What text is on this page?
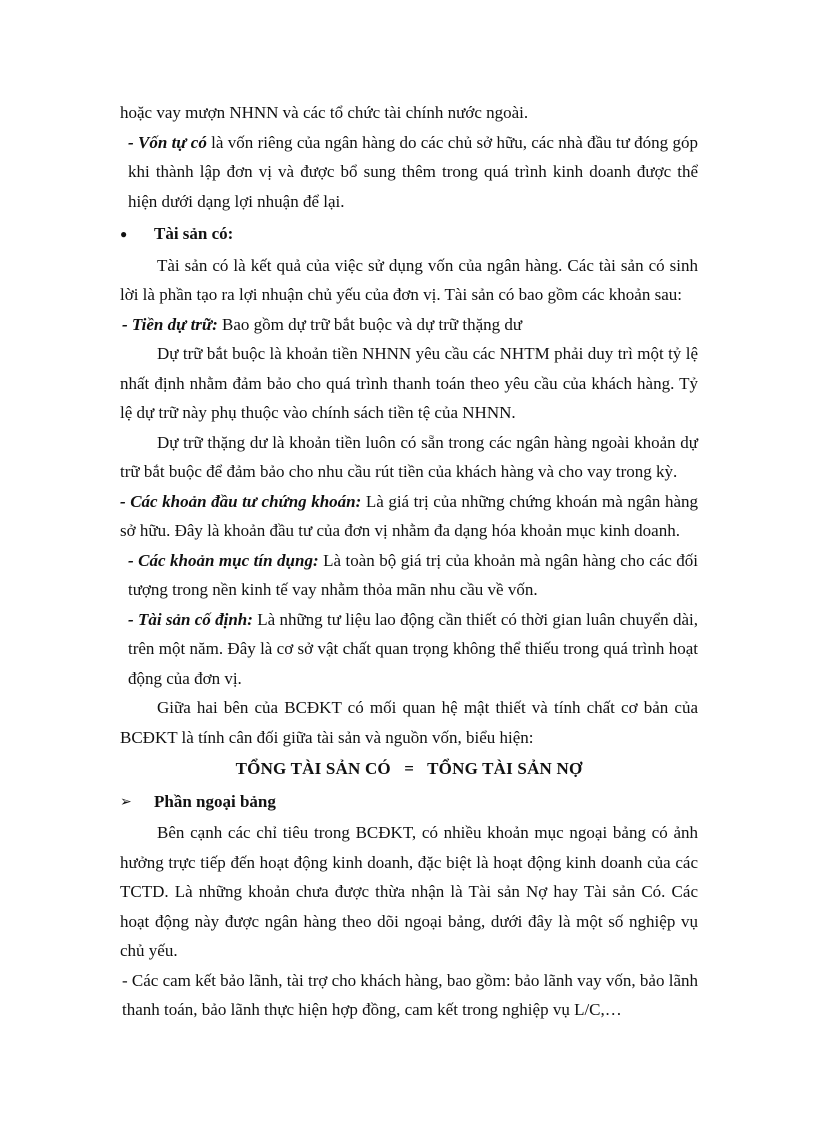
hoặc vay mượn NHNN và các tổ chức tài chính nước ngoài.

- Vốn tự có là vốn riêng của ngân hàng do các chủ sở hữu, các nhà đầu tư đóng góp khi thành lập đơn vị và được bổ sung thêm trong quá trình kinh doanh được thể hiện dưới dạng lợi nhuận để lại.

●	Tài sản có:

Tài sản có là kết quả của việc sử dụng vốn của ngân hàng. Các tài sản có sinh lời là phần tạo ra lợi nhuận chủ yếu của đơn vị. Tài sản có bao gồm các khoản sau:

- Tiền dự trữ: Bao gồm dự trữ bắt buộc và dự trữ thặng dư

Dự trữ bắt buộc là khoản tiền NHNN yêu cầu các NHTM phải duy trì một tỷ lệ nhất định nhằm đảm bảo cho quá trình thanh toán theo yêu cầu của khách hàng. Tỷ lệ dự trữ này phụ thuộc vào chính sách tiền tệ của NHNN.

Dự trữ thặng dư là khoản tiền luôn có sẵn trong các ngân hàng ngoài khoản dự trữ bắt buộc để đảm bảo cho nhu cầu rút tiền của khách hàng và cho vay trong kỳ.

- Các khoản đầu tư chứng khoán: Là giá trị của những chứng khoán mà ngân hàng sở hữu. Đây là khoản đầu tư của đơn vị nhằm đa dạng hóa khoản mục kinh doanh.

- Các khoản mục tín dụng: Là toàn bộ giá trị của khoản mà ngân hàng cho các đối tượng trong nền kinh tế vay nhằm thỏa mãn nhu cầu về vốn.

- Tài sản cố định: Là những tư liệu lao động cần thiết có thời gian luân chuyển dài, trên một năm. Đây là cơ sở vật chất quan trọng không thể thiếu trong quá trình hoạt động của đơn vị.

Giữa hai bên của BCĐKT có mối quan hệ mật thiết và tính chất cơ bản của BCĐKT là tính cân đối giữa tài sản và nguồn vốn, biểu hiện:

TỔNG TÀI SẢN CÓ   =   TỔNG TÀI SẢN NỢ
➢	Phần ngoại bảng

Bên cạnh các chỉ tiêu trong BCĐKT, có nhiều khoản mục ngoại bảng có ảnh hưởng trực tiếp đến hoạt động kinh doanh, đặc biệt là hoạt động kinh doanh của các TCTD. Là những khoản chưa được thừa nhận là Tài sản Nợ hay Tài sản Có. Các hoạt động này được ngân hàng theo dõi ngoại bảng, dưới đây là một số nghiệp vụ chủ yếu.

- Các cam kết bảo lãnh, tài trợ cho khách hàng, bao gồm: bảo lãnh vay vốn, bảo lãnh thanh toán, bảo lãnh thực hiện hợp đồng, cam kết trong nghiệp vụ L/C,…
